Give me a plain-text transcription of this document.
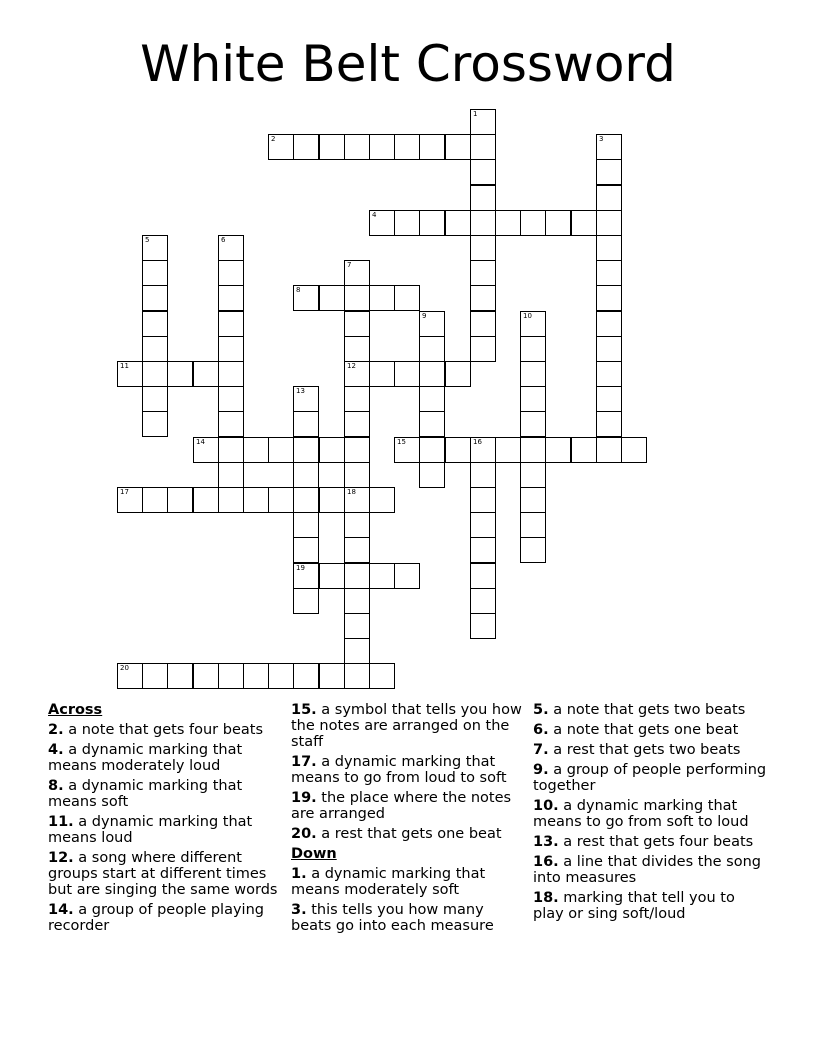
White Belt Crossword
1
2	3
4
5	6
7
12
8
9	10
11
13
19
14	15	16
17	18
20
Across
2. a note that gets four beats
4. a dynamic marking that means moderately loud
8. a dynamic marking that means soft
11. a dynamic marking that means loud
12. a song where different groups start at different times but are singing the same words
14. a group of people playing recorder
15. a symbol that tells you how the notes are arranged on the staff
17. a dynamic marking that means to go from loud to soft
19. the place where the notes are arranged
20. a rest that gets one beat
Down
1. a dynamic marking that means moderately soft
3. this tells you how many beats go into each measure
5. a note that gets two beats
6. a note that gets one beat
7. a rest that gets two beats
9. a group of people performing together
10. a dynamic marking that means to go from soft to loud
13. a rest that gets four beats
16. a line that divides the song into measures
18. marking that tell you to play or sing soft/loud
